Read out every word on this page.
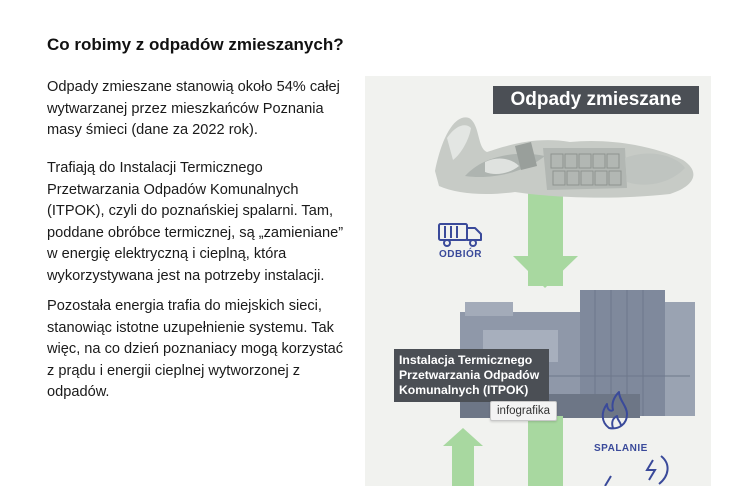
Co robimy z odpadów zmieszanych?

Odpady zmieszane stanowią około 54% całej wytwarzanej przez mieszkańców Poznania masy śmieci (dane za 2022 rok).

Trafiają do Instalacji Termicznego Przetwarzania Odpadów Komunalnych (ITPOK), czyli do poznańskiej spalarni. Tam, poddane obróbce termicznej, są „zamieniane” w energię elektryczną i cieplną, która wykorzystywana jest na potrzeby instalacji.

Pozostała energia trafia do miejskich sieci, stanowiąc istotne uzupełnienie systemu. Tak więc, na co dzień poznaniacy mogą korzystać z prądu i energii cieplnej wytworzonej z odpadów.

Odpady zmieszane
ODBIÓR
Instalacja Termicznego Przetwarzania Odpadów Komunalnych (ITPOK)
infografika
SPALANIE
